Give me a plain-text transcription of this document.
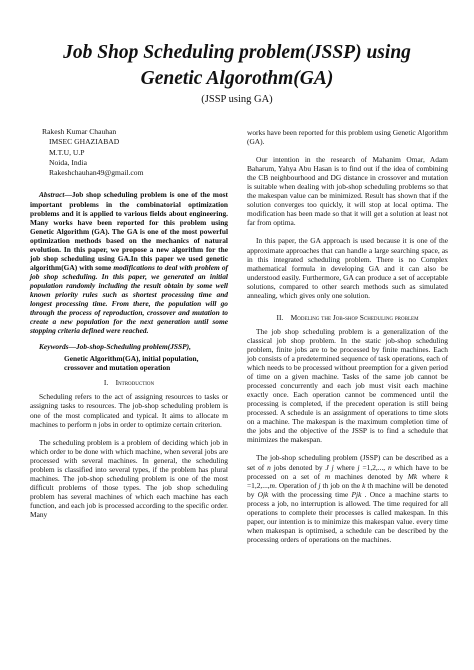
Job Shop Scheduling problem(JSSP) using
Genetic Algorothm(GA)
(JSSP using GA)
Rakesh Kumar Chauhan
IMSEC GHAZIABAD
M.T.U, U.P
Noida, India
Rakeshchauhan49@gmail.com

Abstract—Job shop scheduling problem is one of the most important problems in the combinatorial optimization problems and it is applied to various fields about engineering. Many works have been reported for this problem using Genetic Algorithm (GA). The GA is one of the most powerful optimization methods based on the mechanics of natural evolution. In this paper, we propose a new algorithm for the job shop scheduling using GA.In this paper we used genetic algorithm(GA) with some modifications to deal with problem of job shop scheduling. In this paper, we generated an initial population randomly including the result obtain by some well known priority rules such as shortest processing time and longest processing time. From there, the population will go through the process of reproduction, crossover and mutation to create a new population for the next generation until some stopping criteria defined were reached.

Keywords—Job-shop-Scheduling problem(JSSP),
Genetic Algorithm(GA), initial population,
crossover and mutation operation

I. Introduction

Scheduling refers to the act of assigning resources to tasks or assigning tasks to resources. The job-shop scheduling problem is one of the most complicated and typical. It aims to allocate m machines to perform n jobs in order to optimize certain criterion.

The scheduling problem is a problem of deciding which job in which order to be done with which machine, when several jobs are processed with several machines. In general, the scheduling problem is classified into several types, if the problem has plural machines. The job-shop scheduling problem is one of the most difficult problems of those types. The job shop scheduling problem has several machines of which each machine has each function, and each job is processed according to the specific order. Many

works have been reported for this problem using Genetic Algorithm (GA).

Our intention in the research of Mahanim Omar, Adam Baharum, Yahya Abu Hasan is to find out if the idea of combining the CB neighbourhood and DG distance in crossover and mutation is suitable when dealing with job-shop scheduling problems so that the makespan value can be minimized. Result has shown that if the solution converges too quickly, it will stop at local optima. The modification has been made so that it will get a solution at least not far from optima.

In this paper, the GA approach is used because it is one of the approximate approaches that can handle a large searching space, as in this integrated scheduling problem. There is no Complex mathematical formula in developing GA and it can also be understood easily. Furthermore, GA can produce a set of acceptable solutions, compared to other search methods such as simulated annealing, which gives only one solution.

II. Modeling the Job-shop Scheduling problem

The job shop scheduling problem is a generalization of the classical job shop problem. In the static job-shop scheduling problem, finite jobs are to be processed by finite machines. Each job consists of a predetermined sequence of task operations, each of which needs to be processed without preemption for a given period of time on a given machine. Tasks of the same job cannot be processed concurrently and each job must visit each machine exactly once. Each operation cannot be commenced until the processing is completed, if the precedent operation is still being processed. A schedule is an assignment of operations to time slots on a machine. The makespan is the maximum completion time of the jobs and the objective of the JSSP is to find a schedule that minimizes the makespan.

The job-shop scheduling problem (JSSP) can be described as a set of n jobs denoted by J j where j =1,2,..., n which have to be processed on a set of m machines denoted by Mk where k =1,2,...,m. Operation of j th job on the k th machine will be denoted by Ojk with the processing time Pjk . Once a machine starts to process a job, no interruption is allowed. The time required for all operations to complete their processes is called makespan. In this paper, our intention is to minimize this makespan value. every time when makespan is optimised, a schedule can be described by the processing orders of operations on the machines.
